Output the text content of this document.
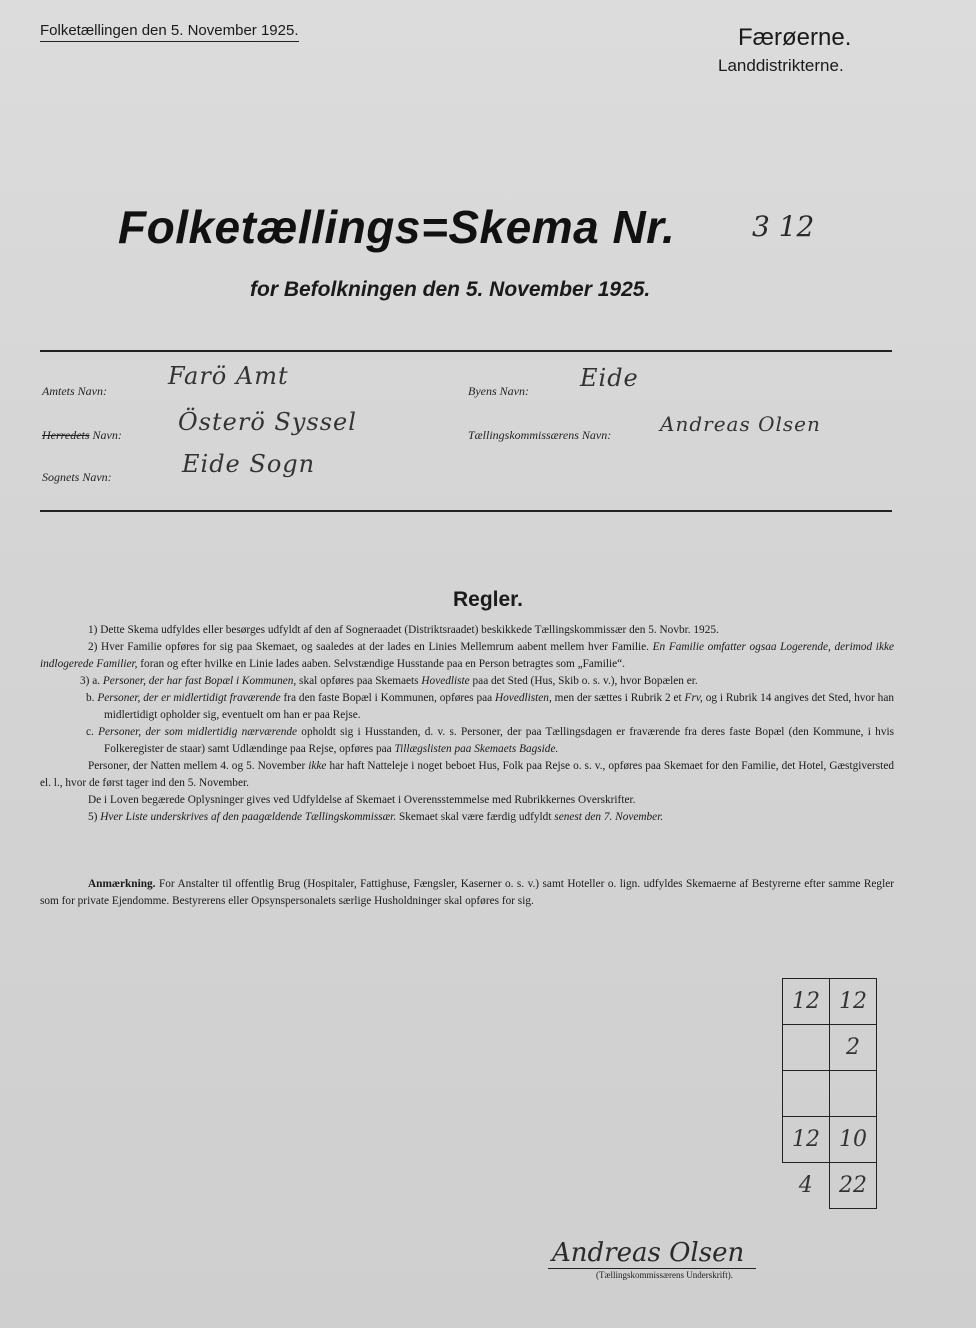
Folketællingen den 5. November 1925.	Færøerne.
Landdistrikterne.
Folketællings=Skema Nr.	3 12
for Befolkningen den 5. November 1925.
Amtets Navn:
Farö Amt
Herredets Navn: Österö Syssel
Sognets Navn:	Eide Sogn
Byens Navn: Eide
Tællingskommissærens Navn: Andreas Olsen
Regler.

1) Dette Skema udfyldes eller besørges udfyldt af den af Sogneraadet (Distriktsraadet) beskikkede Tællingskommissær den 5. Novbr. 1925.

2) Hver Familie opføres for sig paa Skemaet, og saaledes at der lades en Linies Mellemrum aabent mellem hver Familie. En Familie omfatter ogsaa Logerende, derimod ikke indlogerede Familier, foran og efter hvilke en Linie lades aaben. Selvstændige Husstande paa en Person betragtes som „Familie“.

3) a. Personer, der har fast Bopæl i Kommunen, skal opføres paa Skemaets Hovedliste paa det Sted (Hus, Skib o. s. v.), hvor Bopælen er.

b. Personer, der er midlertidigt fraværende fra den faste Bopæl i Kommunen, opføres paa Hovedlisten, men der sættes i Rubrik 2 et Frv, og i Rubrik 14 angives det Sted, hvor han midlertidigt opholder sig, eventuelt om han er paa Rejse.

c. Personer, der som midlertidig nærværende opholdt sig i Husstanden, d. v. s. Personer, der paa Tællingsdagen er fraværende fra deres faste Bopæl (den Kommune, i hvis Folkeregister de staar) samt Udlændinge paa Rejse, opføres paa Tillægslisten paa Skemaets Bagside.

Personer, der Natten mellem 4. og 5. November ikke har haft Natteleje i noget beboet Hus, Folk paa Rejse o. s. v., opføres paa Skemaet for den Familie, det Hotel, Gæstgiversted el. l., hvor de først tager ind den 5. November.

De i Loven begærede Oplysninger gives ved Udfyldelse af Skemaet i Overensstemmelse med Rubrikkernes Overskrifter.

5) Hver Liste underskrives af den paagældende Tællingskommissær. Skemaet skal være færdig udfyldt senest den 7. November.

Anmærkning. For Anstalter til offentlig Brug (Hospitaler, Fattighuse, Fængsler, Kaserner o. s. v.) samt Hoteller o. lign. udfyldes Skemaerne af Bestyrerne efter samme Regler som for private Ejendomme. Bestyrerens eller Opsynspersonalets særlige Husholdninger skal opføres for sig.

12	12
	2

12	10
4	22
Andreas Olsen
(Tællingskommissærens Underskrift).
